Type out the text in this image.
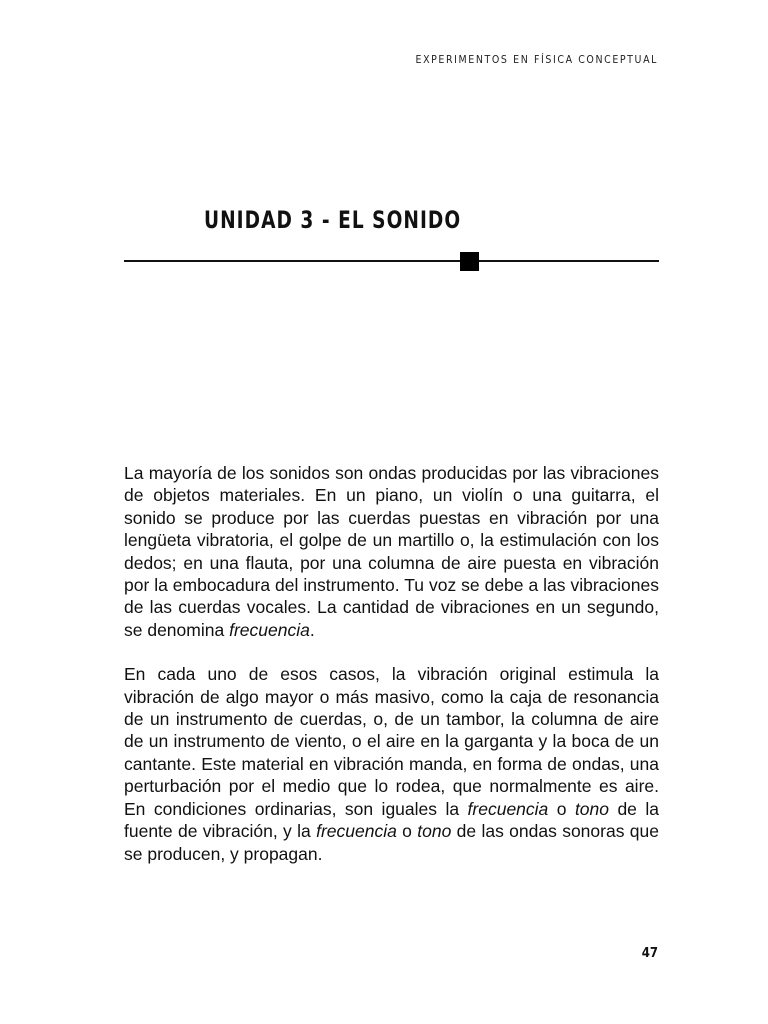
EXPERIMENTOS EN FÍSICA CONCEPTUAL
UNIDAD 3 - EL SONIDO

La mayoría de los sonidos son ondas producidas por las vibraciones de objetos materiales. En un piano, un violín o una guitarra, el sonido se produce por las cuerdas puestas en vibración por una lengüeta vibratoria, el golpe de un martillo o, la estimulación con los dedos; en una flauta, por una columna de aire puesta en vibración por la embocadura del instrumento. Tu voz se debe a las vibraciones de las cuerdas vocales. La cantidad de vibraciones en un segundo, se denomina frecuencia.

En cada uno de esos casos, la vibración original estimula la vibración de algo mayor o más masivo, como la caja de resonancia de un instrumento de cuerdas, o, de un tambor, la columna de aire de un instrumento de viento, o el aire en la garganta y la boca de un cantante. Este material en vibración manda, en forma de ondas, una perturbación por el medio que lo rodea, que normalmente es aire. En condiciones ordinarias, son iguales la frecuencia o tono de la fuente de vibración, y la frecuencia o tono de las ondas sonoras que se producen, y propagan.

47
